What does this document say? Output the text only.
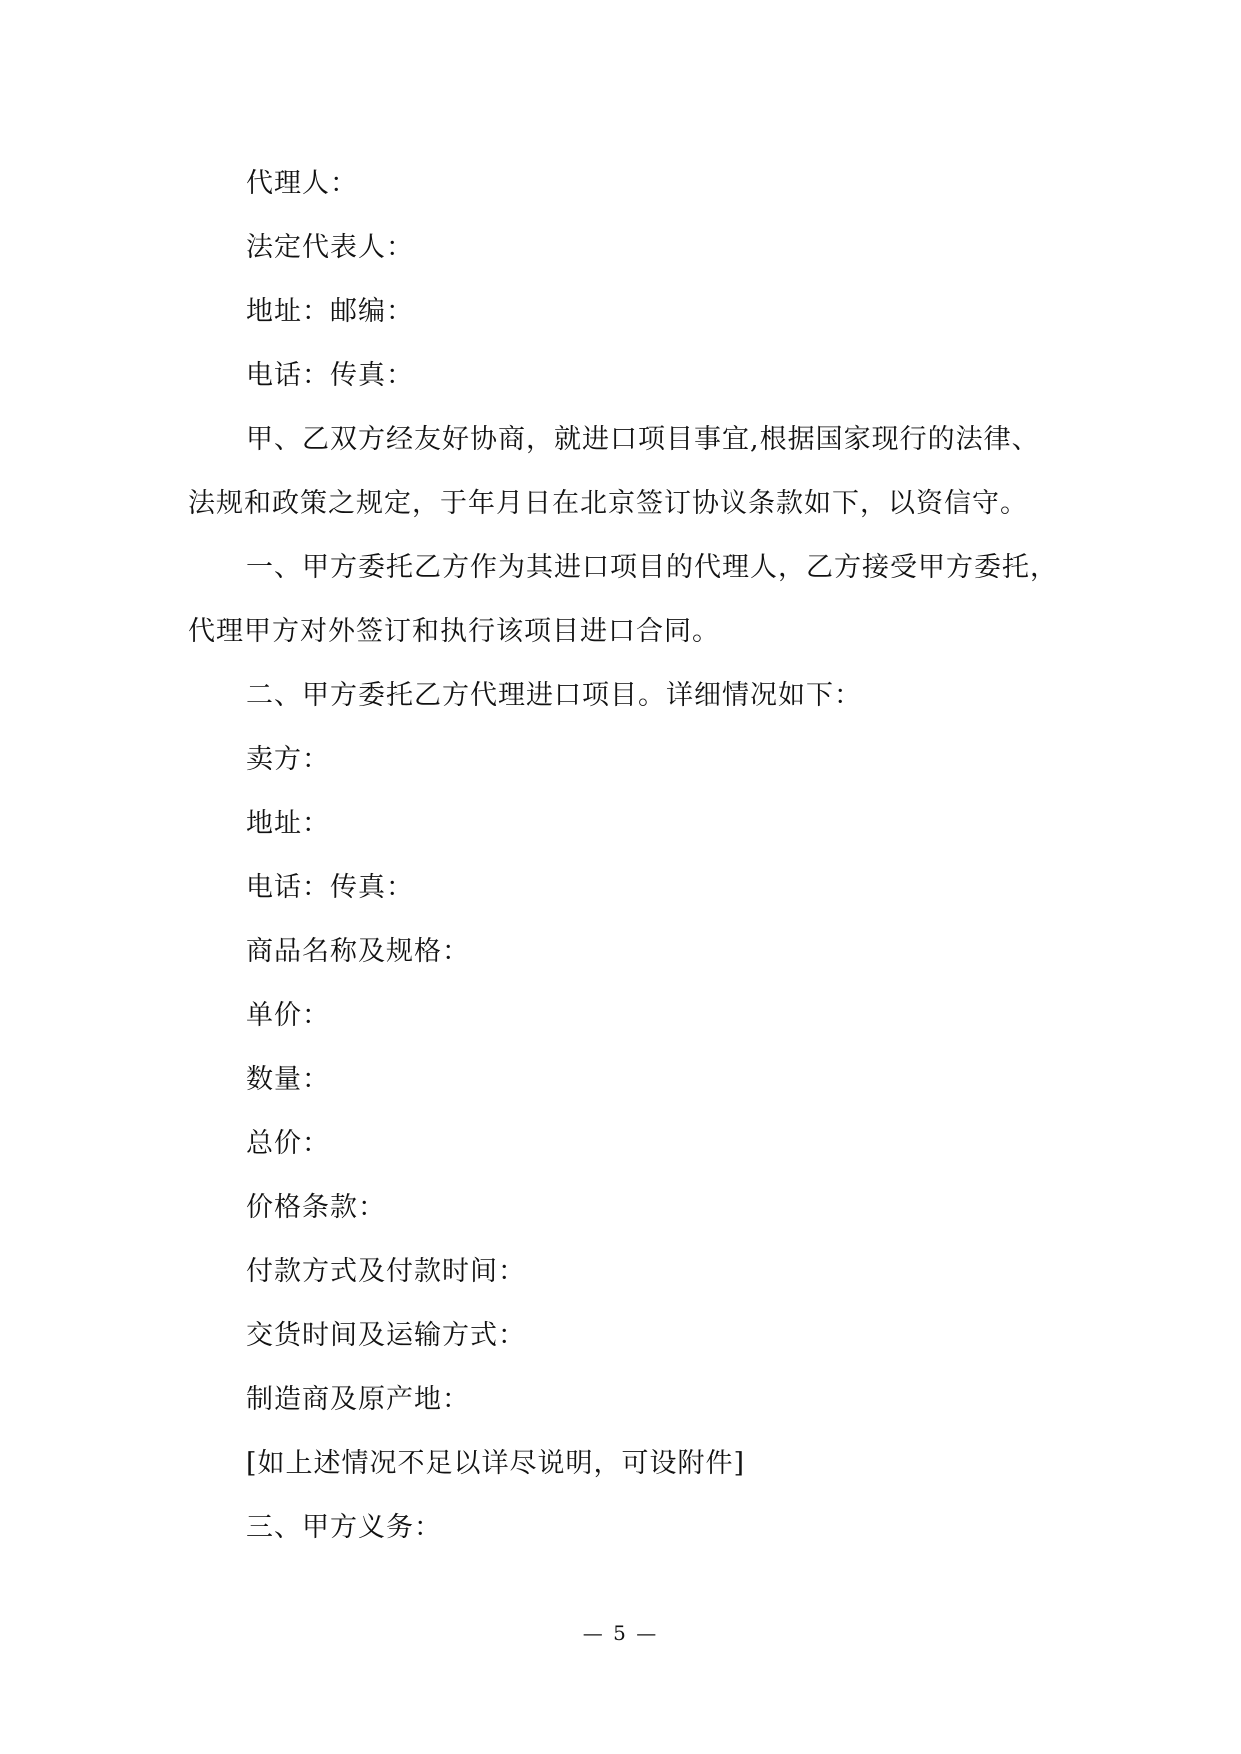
代理人：
法定代表人：
地址：邮编：
电话：传真：
甲、乙双方经友好协商，就进口项目事宜,根据国家现行的法律、
法规和政策之规定，于年月日在北京签订协议条款如下，以资信守。
一、甲方委托乙方作为其进口项目的代理人，乙方接受甲方委托，
代理甲方对外签订和执行该项目进口合同。
二、甲方委托乙方代理进口项目。详细情况如下：
卖方：
地址：
电话：传真：
商品名称及规格：
单价：
数量：
总价：
价格条款：
付款方式及付款时间：
交货时间及运输方式：
制造商及原产地：
[如上述情况不足以详尽说明，可设附件]
三、甲方义务：
— 5 —
